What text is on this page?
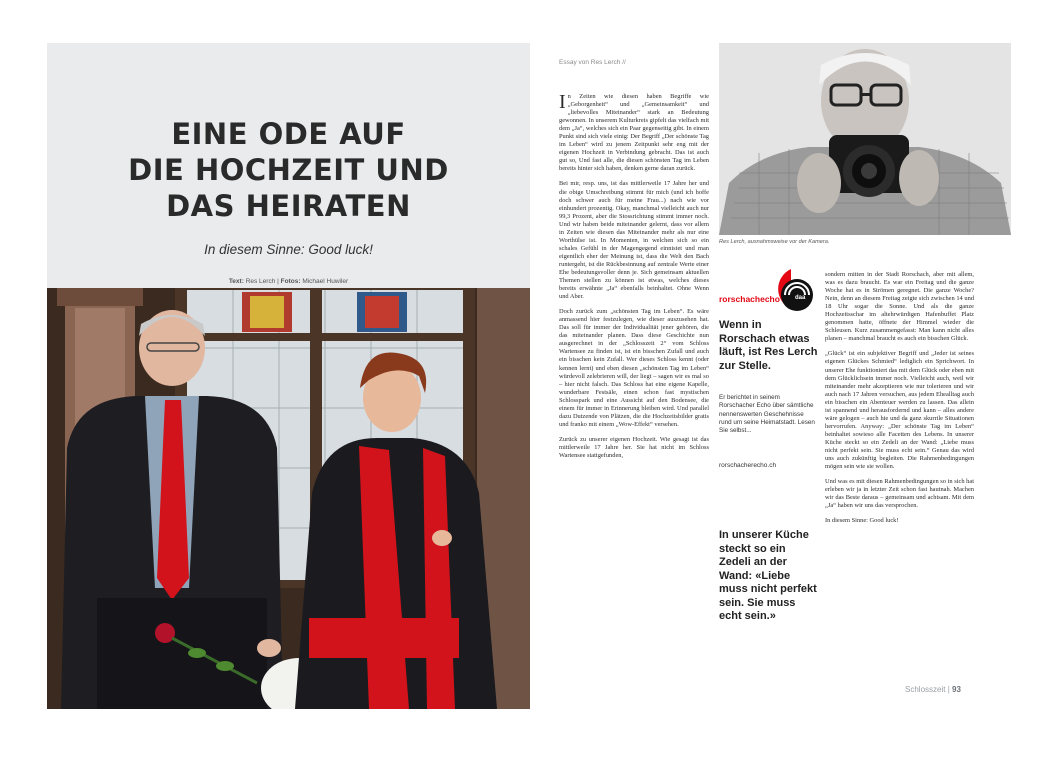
EINE ODE AUF
DIE HOCHZEIT UND
DAS HEIRATEN
In diesem Sinne: Good luck!
Text: Res Lerch | Fotos: Michael Huwiler
Essay von Res Lerch //

In Zeiten wie diesen haben Begriffe wie „Geborgenheit“ und „Gemeinsamkeit“ und „liebevolles Miteinander“ stark an Bedeutung gewonnen. In unserem Kulturkreis gipfelt das vielfach mit dem „Ja“, welches sich ein Paar gegenseitig gibt. In einem Punkt sind sich viele einig: Der Begriff „Der schönste Tag im Leben“ wird zu jenem Zeitpunkt sehr eng mit der eigenen Hochzeit in Verbindung gebracht. Das ist auch gut so, Und fast alle, die diesen schönsten Tag im Leben bereits hinter sich haben, denken gerne daran zurück.

Bei mir, resp. uns, ist das mittlerweile 17 Jahre her und die obige Umschreibung stimmt für mich (und ich hoffe doch schwer auch für meine Frau...) nach wie vor einhundert prozentig. Okay, manchmal vielleicht auch nur 99,3 Prozent, aber die Stossrichtung stimmt immer noch. Und wir haben beide miteinander gelernt, dass vor allem in Zeiten wie diesen das Miteinander mehr als nur eine Worthülse ist. In Momenten, in welchen sich so ein schales Gefühl in der Magengegend einnistet und man eigentlich eher der Meinung ist, dass die Welt den Bach runtergeht, ist die Rückbesinnung auf zentrale Werte einer Ehe bedeutungsvoller denn je. Sich gemeinsam aktuellen Themen stellen zu können ist etwas, welches dieses bereits erwähnte „Ja“ ebenfalls beinhaltet. Ohne Wenn und Aber.

Doch zurück zum „schönsten Tag im Leben“. Es wäre anmassend hier festzulegen, wie dieser auszusehen hat. Das soll für immer der Individualität jener gehören, die das miteinander planen. Dass diese Geschichte nun ausgerechnet in der „Schlosszeit 2“ vom Schloss Wartensee zu finden ist, ist ein bisschen Zufall und auch ein bisschen kein Zufall. Wer dieses Schloss kennt (oder kennen lernt) und eben diesen „schönsten Tag im Leben“ würdevoll zelebrieren will, der liegt – sagen wir es mal so – hier nicht falsch. Das Schloss hat eine eigene Kapelle, wunderbare Festsäle, einen schon fast mystischen Schlosspark und eine Aussicht auf den Bodensee, die einem für immer in Erinnerung bleiben wird. Und parallel dazu Dutzende von Plätzen, die die Hochzeitsbilder gratis und franko mit einem „Wow-Effekt“ versehen.

Zurück zu unserer eigenen Hochzeit. Wie gesagt ist das mittlerweile 17 Jahre her. Sie hat nicht im Schloss Wartensee stattgefunden,

Res Lerch, ausnahmsweise vor der Kamera.
rorschachecho	daa
Wenn in Rorschach etwas läuft, ist Res Lerch zur Stelle.
Er berichtet in seinem Rorschacher Echo über sämtliche nennenswerten Geschehnisse rund um seine Heimatstadt. Lesen Sie selbst...
rorschacherecho.ch
In unserer Küche steckt so ein Zedeli an der Wand: «Liebe muss nicht perfekt sein. Sie muss echt sein.»

sondern mitten in der Stadt Rorschach, aber mit allem, was es dazu braucht. Es war ein Freitag und die ganze Woche hat es in Strömen geregnet. Die ganze Woche? Nein, denn an diesem Freitag zeigte sich zwischen 14 und 18 Uhr sogar die Sonne. Und als die ganze Hochzeitsschar im altehrwürdigen Hafenbuffet Platz genommen hatte, öffnete der Himmel wieder die Schleusen. Kurz zusammengefasst: Man kann nicht alles planen – manchmal braucht es auch ein bisschen Glück.

„Glück“ ist ein subjektiver Begriff und „Jeder ist seines eigenen Glückes Schmied“ lediglich ein Sprichwort. In unserer Ehe funktioniert das mit dem Glück oder eben mit dem Glücklichsein immer noch. Vielleicht auch, weil wir miteinander mehr akzeptieren wie nur tolerieren und wir auch nach 17 Jahren versuchen, aus jedem Ehealltag auch ein bisschen ein Abenteuer werden zu lassen. Das allein ist spannend und herausfordernd und kann – alles andere wäre gelogen – auch hie und da ganz skurrile Situationen hervorrufen. Anyway: „Der schönste Tag im Leben“ beinhaltet sowieso alle Facetten des Lebens. In unserer Küche steckt so ein Zedeli an der Wand: „Liebe muss nicht perfekt sein. Sie muss echt sein.“ Genau das wird uns auch zukünftig begleiten. Die Rahmenbedingungen mögen sein wie sie wollen.

Und was es mit diesen Rahmenbedingungen so in sich hat erleben wir ja in letzter Zeit schon fast hautnah. Machen wir das Beste daraus – gemeinsam und achtsam. Mit dem „Ja“ haben wir uns das versprochen.

In diesem Sinne: Good luck!

Schlosszeit | 93
